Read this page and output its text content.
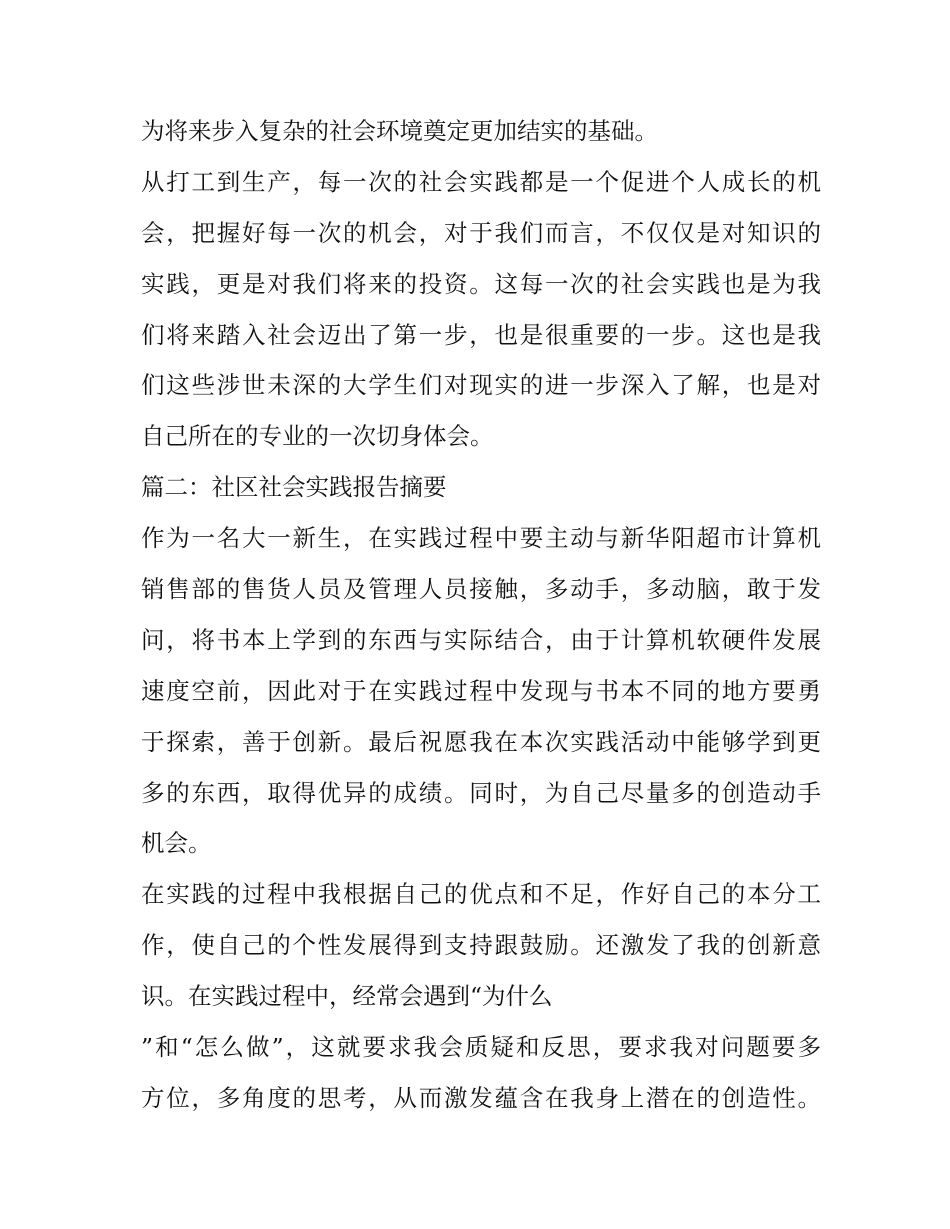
为将来步入复杂的社会环境奠定更加结实的基础。
从打工到生产，每一次的社会实践都是一个促进个人成长的机
会，把握好每一次的机会，对于我们而言，不仅仅是对知识的
实践，更是对我们将来的投资。这每一次的社会实践也是为我
们将来踏入社会迈出了第一步，也是很重要的一步。这也是我
们这些涉世未深的大学生们对现实的进一步深入了解，也是对
自己所在的专业的一次切身体会。
篇二：社区社会实践报告摘要
作为一名大一新生，在实践过程中要主动与新华阳超市计算机
销售部的售货人员及管理人员接触，多动手，多动脑，敢于发
问，将书本上学到的东西与实际结合，由于计算机软硬件发展
速度空前，因此对于在实践过程中发现与书本不同的地方要勇
于探索，善于创新。最后祝愿我在本次实践活动中能够学到更
多的东西，取得优异的成绩。同时，为自己尽量多的创造动手
机会。
在实践的过程中我根据自己的优点和不足，作好自己的本分工
作，使自己的个性发展得到支持跟鼓励。还激发了我的创新意
识。在实践过程中，经常会遇到“为什么
”和“怎么做”，这就要求我会质疑和反思，要求我对问题要多
方位，多角度的思考，从而激发蕴含在我身上潜在的创造性。
